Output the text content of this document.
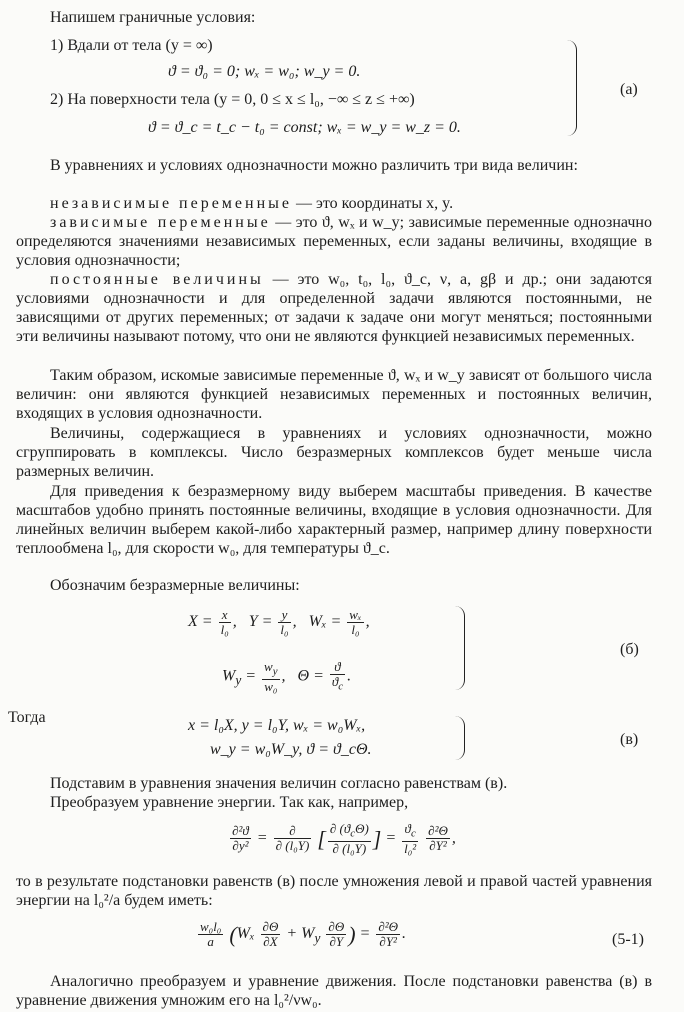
Напишем граничные условия:
1) Вдали от тела (y = ∞)
ϑ = ϑ₀ = 0; wₓ = w₀; w_y = 0.
2) На поверхности тела (y = 0, 0 ≤ x ≤ l₀, −∞ ≤ z ≤ +∞)
ϑ = ϑ_c = t_c − t₀ = const; wₓ = w_y = w_z = 0.
(a)

В уравнениях и условиях однозначности можно различить три вида величин:

независимые переменные — это координаты x, y.

зависимые переменные — это ϑ, wₓ и w_y; зависимые переменные однозначно определяются значениями независимых переменных, если заданы величины, входящие в условия однозначности;

постоянные величины — это w₀, t₀, l₀, ϑ_c, ν, a, gβ и др.; они задаются условиями однозначности и для определенной задачи являются постоянными, не зависящими от других переменных; от задачи к задаче они могут меняться; постоянными эти величины называют потому, что они не являются функцией независимых переменных.

Таким образом, искомые зависимые переменные ϑ, wₓ и w_y зависят от большого числа величин: они являются функцией независимых переменных и постоянных величин, входящих в условия однозначности.

Величины, содержащиеся в уравнениях и условиях однозначности, можно сгруппировать в комплексы. Число безразмерных комплексов будет меньше числа размерных величин.

Для приведения к безразмерному виду выберем масштабы приведения. В качестве масштабов удобно принять постоянные величины, входящие в условия однозначности. Для линейных величин выберем какой-либо характерный размер, например длину поверхности теплообмена l₀, для скорости w₀, для температуры ϑ_c.

Обозначим безразмерные величины:

$X = \frac{x}{\text{l₀}}$ ,   $Y = \frac{y}{\text{l₀}}$ ,   $W_x = \frac{\text{wₓ}}{\text{l₀}}$ ,
$W_y = \frac{w_y}{\text{w₀}}$ ,   $\Theta = \frac{ϑ}{ϑ_c}$ .
(б)
Тогда	x = l₀X, y = l₀Y, wₓ = w₀Wₓ,
w_y = w₀W_y, ϑ = ϑ_cΘ.
(в)

Подставим в уравнения значения величин согласно равенствам (в).

Преобразуем уравнение энергии. Так как, например,

$\frac{\text{∂²ϑ}}{\text{∂y²}} = \frac{\partial}{\text{∂ (l₀Y)}}$ [ $\frac{\partial (ϑ_c\Theta)}{\text{∂ (l₀Y)}}$ ] = $\frac{ϑ_c}{\text{l₀²}}$
$\frac{\text{∂²Θ}}{\text{∂Y²}}$ ,

то в результате подстановки равенств (в) после умножения левой и правой частей уравнения энергии на l₀²/a будем иметь:

$\frac{\text{w₀l₀}}{a} (W_x \frac{\partial\Theta}{\partial X} + W_y \frac{\partial\Theta}{\partial Y}$ ) = $\frac{\text{∂²Θ}}{\text{∂Y²}}$ .	(5-1)

Аналогично преобразуем и уравнение движения. После подстановки равенства (в) в уравнение движения умножим его на l₀²/νw₀.
